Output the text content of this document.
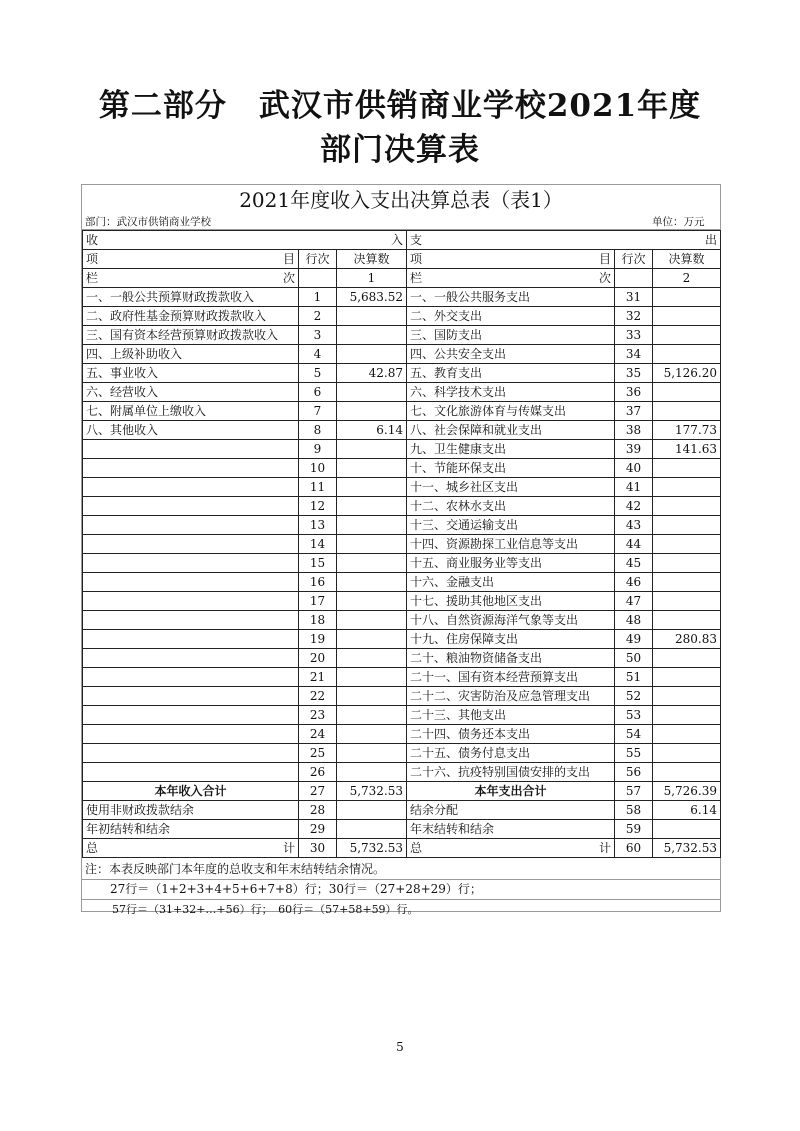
第二部分　武汉市供销商业学校2021年度
部门决算表
2021年度收入支出决算总表（表1）
部门：武汉市供销商业学校	单位：万元
收 入			支 出		

项 目	行次	决算数	项 目	行次	决算数

栏 次		1	栏 次		2
一、一般公共预算财政拨款收入	1	5,683.52	一、一般公共服务支出	31	
二、政府性基金预算财政拨款收入	2		二、外交支出	32	
三、国有资本经营预算财政拨款收入	3		三、国防支出	33	
四、上级补助收入	4		四、公共安全支出	34	
五、事业收入	5	42.87	五、教育支出	35	5,126.20
六、经营收入	6		六、科学技术支出	36	
七、附属单位上缴收入	7		七、文化旅游体育与传媒支出	37	
八、其他收入	8	6.14	八、社会保障和就业支出	38	177.73
	9		九、卫生健康支出	39	141.63
	10		十、节能环保支出	40	
	11		十一、城乡社区支出	41	
	12		十二、农林水支出	42	
	13		十三、交通运输支出	43	
	14		十四、资源勘探工业信息等支出	44	
	15		十五、商业服务业等支出	45	
	16		十六、金融支出	46	
	17		十七、援助其他地区支出	47	
	18		十八、自然资源海洋气象等支出	48	
	19		十九、住房保障支出	49	280.83
	20		二十、粮油物资储备支出	50	
	21		二十一、国有资本经营预算支出	51	
	22		二十二、灾害防治及应急管理支出	52	
	23		二十三、其他支出	53	
	24		二十四、债务还本支出	54	
	25		二十五、债务付息支出	55	
	26		二十六、抗疫特别国债安排的支出	56	
本年收入合计	27	5,732.53	本年支出合计	57	5,726.39
使用非财政拨款结余	28		结余分配	58	6.14
年初结转和结余	29		年末结转和结余	59	

总 计	30	5,732.53	总 计	60	5,732.53
注：本表反映部门本年度的总收支和年末结转结余情况。
27行＝（1+2+3+4+5+6+7+8）行；30行＝（27+28+29）行；
57行＝（31+32+…+56）行；　60行＝（57+58+59）行。
5
